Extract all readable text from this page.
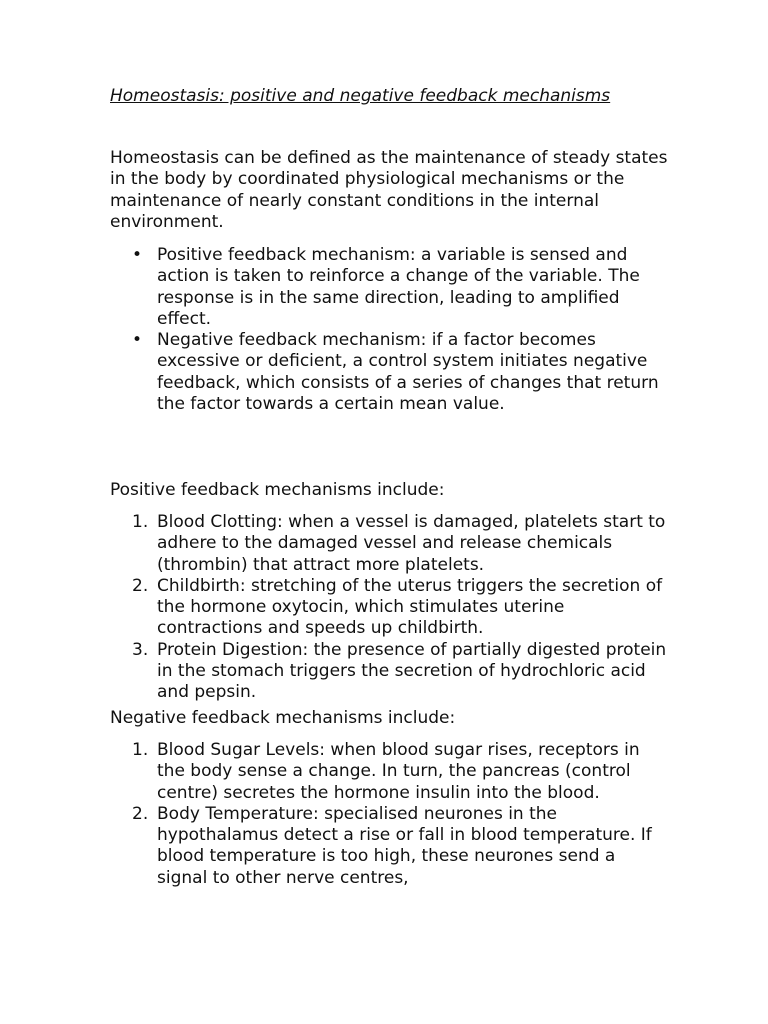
Homeostasis: positive and negative feedback mechanisms

Homeostasis can be defined as the maintenance of steady states in the body by coordinated physiological mechanisms or the maintenance of nearly constant conditions in the internal environment.

• Positive feedback mechanism: a variable is sensed and action is taken to reinforce a change of the variable. The response is in the same direction, leading to amplified effect.
• Negative feedback mechanism: if a factor becomes excessive or deficient, a control system initiates negative feedback, which consists of a series of changes that return the factor towards a certain mean value.

Positive feedback mechanisms include:

1. Blood Clotting: when a vessel is damaged, platelets start to adhere to the damaged vessel and release chemicals (thrombin) that attract more platelets.
2. Childbirth: stretching of the uterus triggers the secretion of the hormone oxytocin, which stimulates uterine contractions and speeds up childbirth.
3. Protein Digestion: the presence of partially digested protein in the stomach triggers the secretion of hydrochloric acid and pepsin.

Negative feedback mechanisms include:

1. Blood Sugar Levels: when blood sugar rises, receptors in the body sense a change. In turn, the pancreas (control centre) secretes the hormone insulin into the blood.
2. Body Temperature: specialised neurones in the hypothalamus detect a rise or fall in blood temperature. If blood temperature is too high, these neurones send a signal to other nerve centres,
